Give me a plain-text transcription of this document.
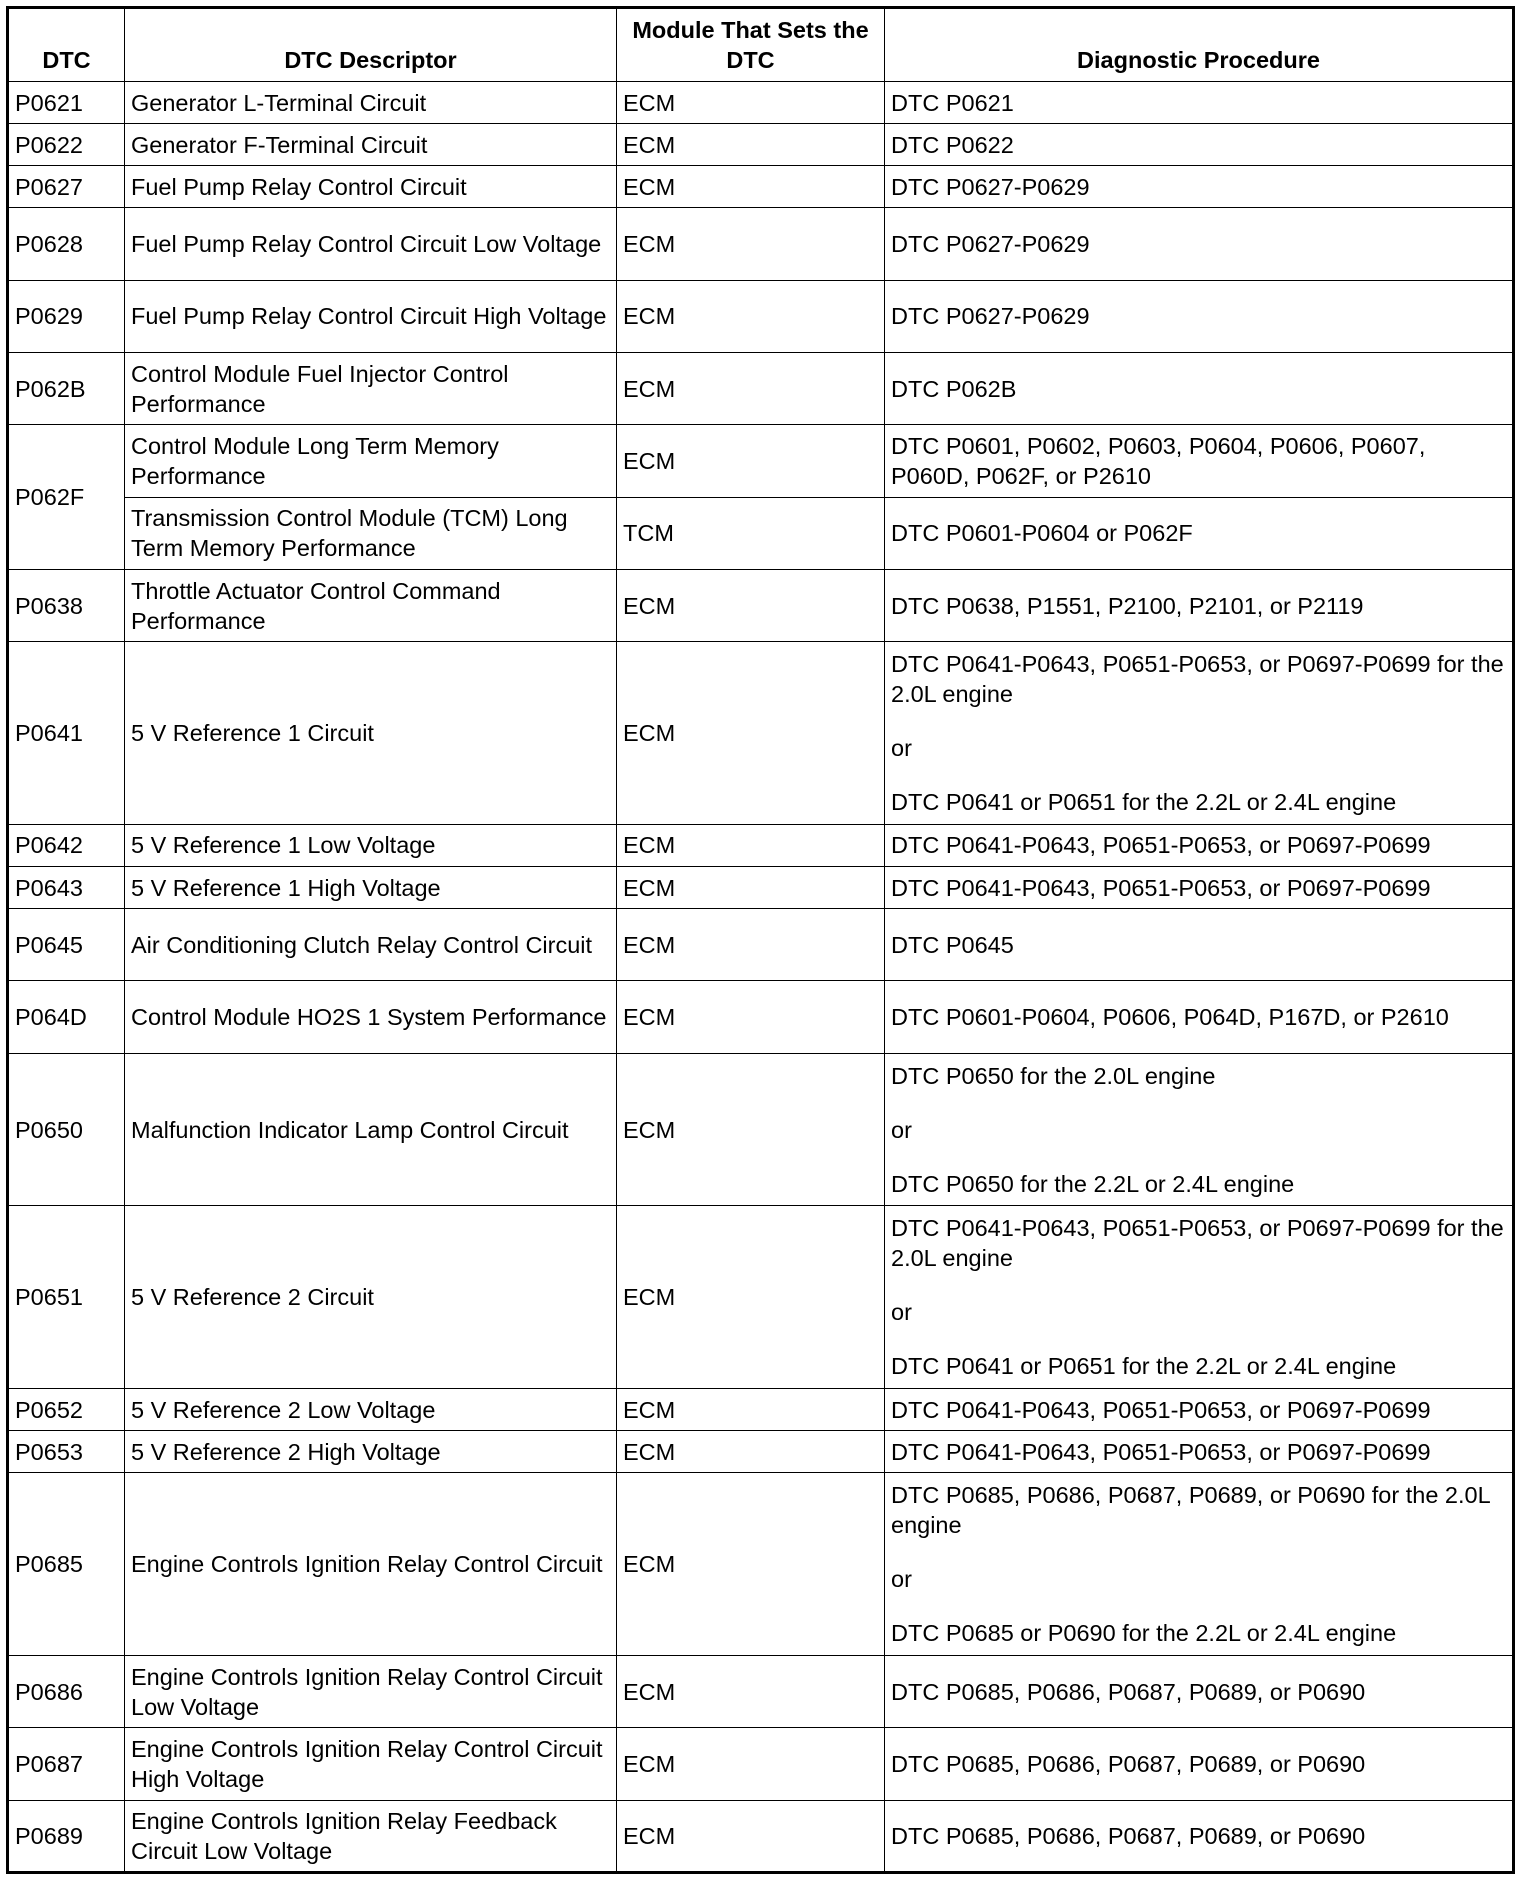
DTC	DTC Descriptor	Module That Sets the DTC	Diagnostic Procedure
P0621	Generator L-Terminal Circuit	ECM	DTC P0621

P0622	Generator F-Terminal Circuit	ECM	DTC P0622

P0627	Fuel Pump Relay Control Circuit	ECM	DTC P0627-P0629

P0628	Fuel Pump Relay Control Circuit Low Voltage	ECM	DTC P0627-P0629

P0629	Fuel Pump Relay Control Circuit High Voltage	ECM	DTC P0627-P0629

P062B	Control Module Fuel Injector Control Performance	ECM	DTC P062B

P062F	Control Module Long Term Memory Performance	ECM	DTC P0601, P0602, P0603, P0604, P0606, P0607, P060D, P062F, or P2610

	Transmission Control Module (TCM) Long Term Memory Performance	TCM	DTC P0601-P0604 or P062F

P0638	Throttle Actuator Control Command Performance	ECM	DTC P0638, P1551, P2100, P2101, or P2119

P0641	5 V Reference 1 Circuit	ECM	DTC P0641-P0643, P0651-P0653, or P0697-P0699 for the 2.0L engine
or
DTC P0641 or P0651 for the 2.2L or 2.4L engine

P0642	5 V Reference 1 Low Voltage	ECM	DTC P0641-P0643, P0651-P0653, or P0697-P0699

P0643	5 V Reference 1 High Voltage	ECM	DTC P0641-P0643, P0651-P0653, or P0697-P0699

P0645	Air Conditioning Clutch Relay Control Circuit	ECM	DTC P0645

P064D	Control Module HO2S 1 System Performance	ECM	DTC P0601-P0604, P0606, P064D, P167D, or P2610

P0650	Malfunction Indicator Lamp Control Circuit	ECM	DTC P0650 for the 2.0L engine
or
DTC P0650 for the 2.2L or 2.4L engine

P0651	5 V Reference 2 Circuit	ECM	DTC P0641-P0643, P0651-P0653, or P0697-P0699 for the 2.0L engine
or
DTC P0641 or P0651 for the 2.2L or 2.4L engine

P0652	5 V Reference 2 Low Voltage	ECM	DTC P0641-P0643, P0651-P0653, or P0697-P0699

P0653	5 V Reference 2 High Voltage	ECM	DTC P0641-P0643, P0651-P0653, or P0697-P0699

P0685	Engine Controls Ignition Relay Control Circuit	ECM	DTC P0685, P0686, P0687, P0689, or P0690 for the 2.0L engine
or
DTC P0685 or P0690 for the 2.2L or 2.4L engine

P0686	Engine Controls Ignition Relay Control Circuit Low Voltage	ECM	DTC P0685, P0686, P0687, P0689, or P0690

P0687	Engine Controls Ignition Relay Control Circuit High Voltage	ECM	DTC P0685, P0686, P0687, P0689, or P0690

P0689	Engine Controls Ignition Relay Feedback Circuit Low Voltage	ECM	DTC P0685, P0686, P0687, P0689, or P0690
